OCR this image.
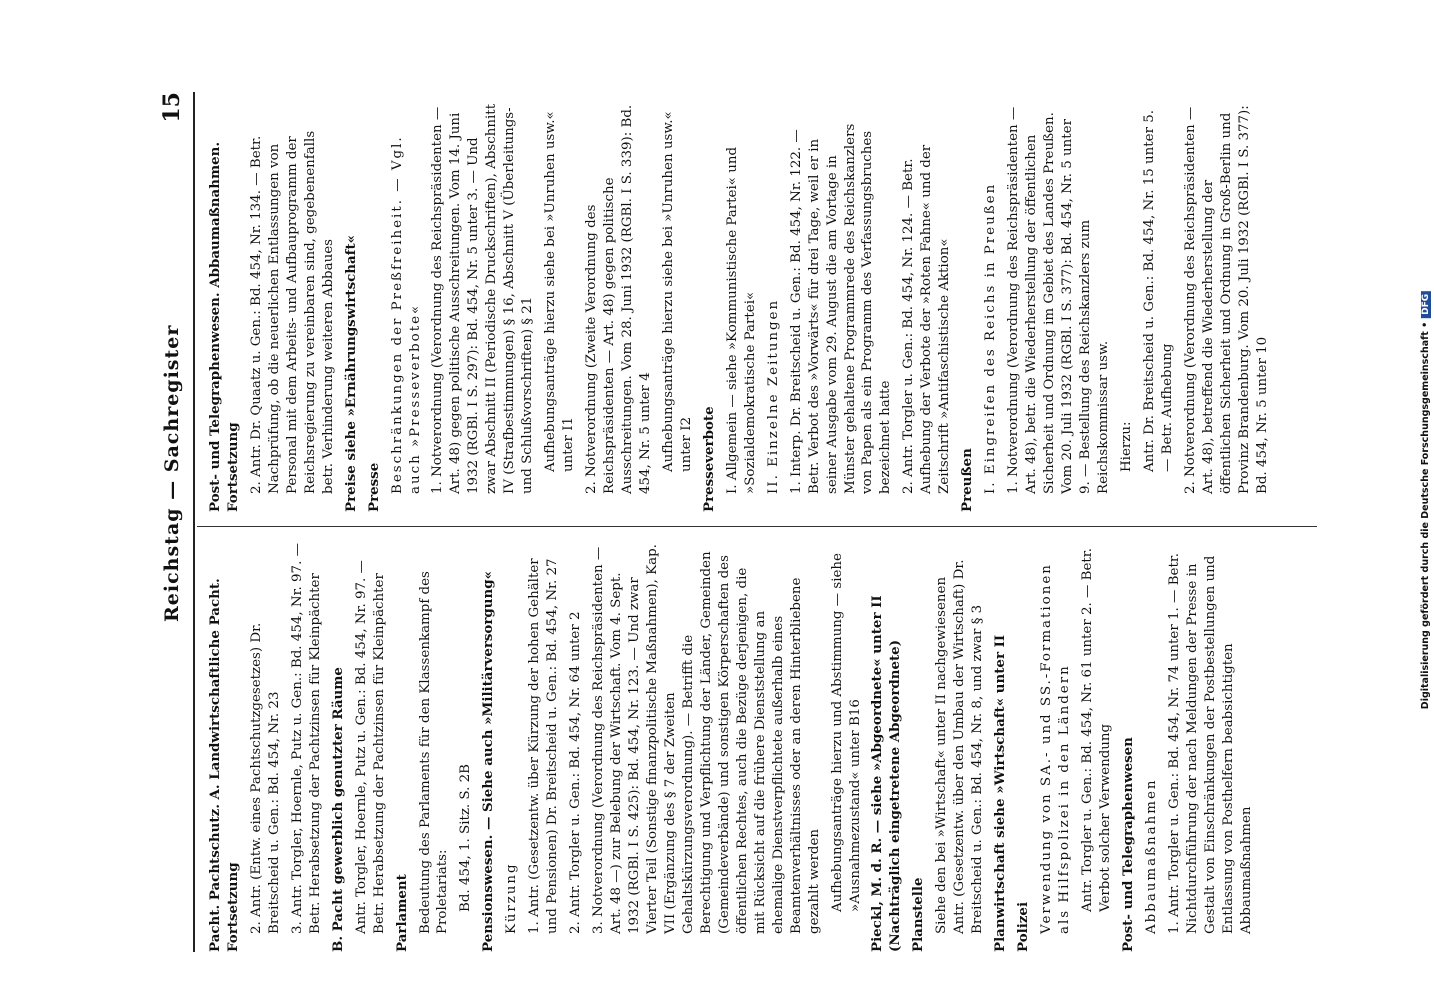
Reichstag — Sachregister
15
Pacht. Pachtschutz. A. Landwirtschaftliche Pacht. Fortsetzung 2. Antr. (Entw. eines Pachtschutzgesetzes) Dr. Breitscheid u. Gen.: Bd. 454, Nr. 23 3. Antr. Torgler, Hoernle, Putz u. Gen.: Bd. 454, Nr. 97. — Betr. Herabsetzung der Pachtzinsen für Kleinpächter B. Pacht gewerblich genutzter Räume Antr. Torgler, Hoernle, Putz u. Gen.: Bd. 454, Nr. 97. — Betr. Herabsetzung der Pachtzinsen für Kleinpächter Parlament Bedeutung des Parlaments für den Klassenkampf des Proletariats: Bd. 454, 1. Sitz. S. 2B Pensionswesen. — Siehe auch »Militärversorgung« Kürzung 1. Antr. (Gesetzentw. über Kürzung der hohen Gehälter und Pensionen) Dr. Breitscheid u. Gen.: Bd. 454, Nr. 27 2. Antr. Torgler u. Gen.: Bd. 454, Nr. 64 unter 2 3. Notverordnung (Verordnung des Reichspräsidenten — Art. 48 —) zur Belebung der Wirtschaft. Vom 4. Sept. 1932 (RGBl. I S. 425): Bd. 454, Nr. 123. — Und zwar Vierter Teil (Sonstige finanzpolitische Maßnahmen), Kap. VII (Ergänzung des § 7 der Zweiten Gehaltskürzungsverordnung). — Betrifft die Berechtigung und Verpflichtung der Länder, Gemeinden (Gemeindeverbände) und sonstigen Körperschaften des öffentlichen Rechtes, auch die Bezüge derjenigen, die mit Rücksicht auf die frühere Dienststellung an ehemalige Dienstverpflichtete außerhalb eines Beamtenverhältnisses oder an deren Hinterbliebene gezahlt werden Aufhebungsanträge hierzu und Abstimmung — siehe »Ausnahmezustand« unter B16 Pieckl, M. d. R. — siehe »Abgeordnete« unter II (Nachträglich eingetretene Abgeordnete) Planstelle Siehe den bei »Wirtschaft« unter II nachgewiesenen Antr. (Gesetzentw. über den Umbau der Wirtschaft) Dr. Breitscheid u. Gen.: Bd. 454, Nr. 8, und zwar § 3 Planwirtschaft siehe »Wirtschaft« unter II Polizei Verwendung von SA.- und SS.-Formationen als Hilfspolizei in den Ländern Antr. Torgler u. Gen.: Bd. 454, Nr. 61 unter 2. — Betr. Verbot solcher Verwendung Post- und Telegraphenwesen Abbaumaßnahmen 1. Antr. Torgler u. Gen.: Bd. 454, Nr. 74 unter 1. — Betr. Nichtdurchführung der nach Meldungen der Presse in Gestalt von Einschränkungen der Postbestellungen und Entlassung von Posthelfern beabsichtigten Abbaumaßnahmen
Post- und Telegraphenwesen. Abbaumaßnahmen. Fortsetzung 2. Antr. Dr. Quaatz u. Gen.: Bd. 454, Nr. 134. — Betr. Nachprüfung, ob die neuerlichen Entlassungen von Personal mit dem Arbeits- und Aufbauprogramm der Reichsregierung zu vereinbaren sind, gegebenenfalls betr. Verhinderung weiteren Abbaues Preise siehe »Ernährungswirtschaft« Presse Beschränkungen der Preßfreiheit. — Vgl. auch »Presseverbote« 1. Notverordnung (Verordnung des Reichspräsidenten — Art. 48) gegen politische Ausschreitungen. Vom 14. Juni 1932 (RGBl. I S. 297): Bd. 454, Nr. 5 unter 3. — Und zwar Abschnitt II (Periodische Druckschriften), Abschnitt IV (Strafbestimmungen) § 16, Abschnitt V (Überleitungs- und Schlußvorschriften) § 21 Aufhebungsanträge hierzu siehe bei »Unruhen usw.« unter I1 2. Notverordnung (Zweite Verordnung des Reichspräsidenten — Art. 48) gegen politische Ausschreitungen. Vom 28. Juni 1932 (RGBl. I S. 339): Bd. 454, Nr. 5 unter 4 Aufhebungsanträge hierzu siehe bei »Unruhen usw.« unter I2 Presseverbote I. Allgemein — siehe »Kommunistische Partei« und »Sozialdemokratische Partei« II. Einzelne Zeitungen 1. Interp. Dr. Breitscheid u. Gen.: Bd. 454, Nr. 122. — Betr. Verbot des »Vorwärts« für drei Tage, weil er in seiner Ausgabe vom 29. August die am Vortage in Münster gehaltene Programmrede des Reichskanzlers von Papen als ein Programm des Verfassungsbruches bezeichnet hatte 2. Antr. Torgler u. Gen.: Bd. 454, Nr. 124. — Betr. Aufhebung der Verbote der »Roten Fahne« und der Zeitschrift »Antifaschistische Aktion« Preußen I. Eingreifen des Reichs in Preußen 1. Notverordnung (Verordnung des Reichspräsidenten — Art. 48), betr. die Wiederherstellung der öffentlichen Sicherheit und Ordnung im Gebiet des Landes Preußen. Vom 20. Juli 1932 (RGBl. I S. 377): Bd. 454, Nr. 5 unter 9. — Bestellung des Reichskanzlers zum Reichskommissar usw. Hierzu: Antr. Dr. Breitscheid u. Gen.: Bd. 454, Nr. 15 unter 5. — Betr. Aufhebung 2. Notverordnung (Verordnung des Reichspräsidenten — Art. 48), betreffend die Wiederherstellung der öffentlichen Sicherheit und Ordnung in Groß-Berlin und Provinz Brandenburg. Vom 20. Juli 1932 (RGBl. I S. 377): Bd. 454, Nr. 5 unter 10	Digitalisierung gefördert durch die Deutsche Forschungsgemeinschaft •DFG
